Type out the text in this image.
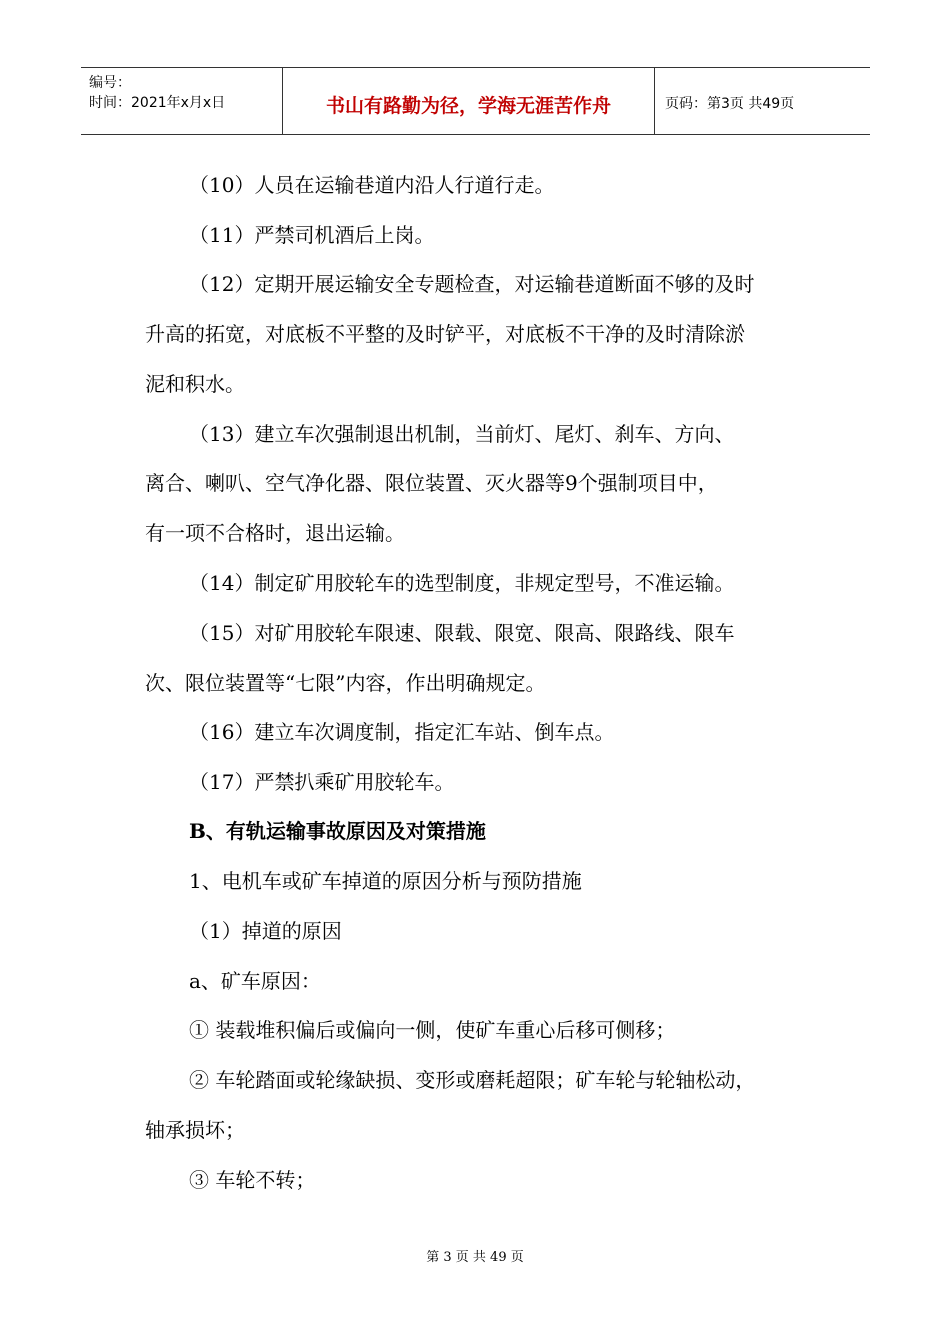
编号：
时间：2021年x月x日	书山有路勤为径，学海无涯苦作舟	页码：第3页 共49页
（10）人员在运输巷道内沿人行道行走。
（11）严禁司机酒后上岗。
（12）定期开展运输安全专题检查，对运输巷道断面不够的及时
升高的拓宽，对底板不平整的及时铲平，对底板不干净的及时清除淤
泥和积水。
（13）建立车次强制退出机制，当前灯、尾灯、刹车、方向、
离合、喇叭、空气净化器、限位装置、灭火器等9个强制项目中，
有一项不合格时，退出运输。
（14）制定矿用胶轮车的选型制度，非规定型号，不准运输。
（15）对矿用胶轮车限速、限载、限宽、限高、限路线、限车
次、限位装置等“七限”内容，作出明确规定。
（16）建立车次调度制，指定汇车站、倒车点。
（17）严禁扒乘矿用胶轮车。
B、有轨运输事故原因及对策措施
1、电机车或矿车掉道的原因分析与预防措施
（1）掉道的原因
a、矿车原因：
① 装载堆积偏后或偏向一侧，使矿车重心后移可侧移；
② 车轮踏面或轮缘缺损、变形或磨耗超限；矿车轮与轮轴松动，
轴承损坏；
③ 车轮不转；
第 3 页 共 49 页
